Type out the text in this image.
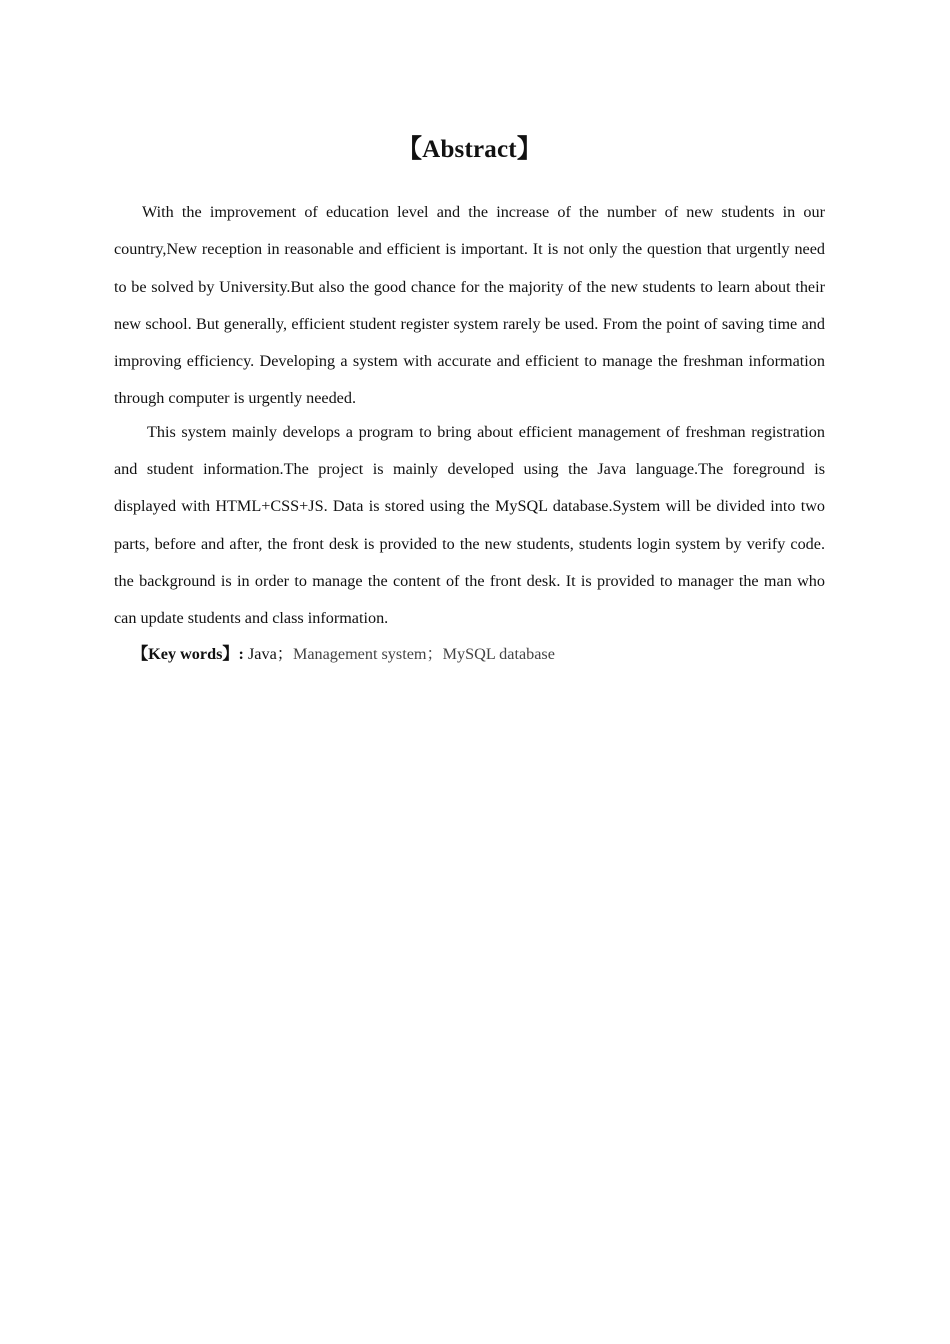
【Abstract】

With the improvement of education level and the increase of the number of new students in our country,New reception in reasonable and efficient is important. It is not only the question that urgently need to be solved by University.But also the good chance for the majority of the new students to learn about their new school. But generally, efficient student register system rarely be used. From the point of saving time and improving efficiency. Developing a system with accurate and efficient to manage the freshman information through computer is urgently needed.

This system mainly develops a program to bring about efficient management of freshman registration and student information.The project is mainly developed using the Java language.The foreground is displayed with HTML+CSS+JS. Data is stored using the MySQL database.System will be divided into two parts, before and after, the front desk is provided to the new students, students login system by verify code. the background is in order to manage the content of the front desk. It is provided to manager the man who can update students and class information.

【Key words】: Java；Management system；MySQL database
